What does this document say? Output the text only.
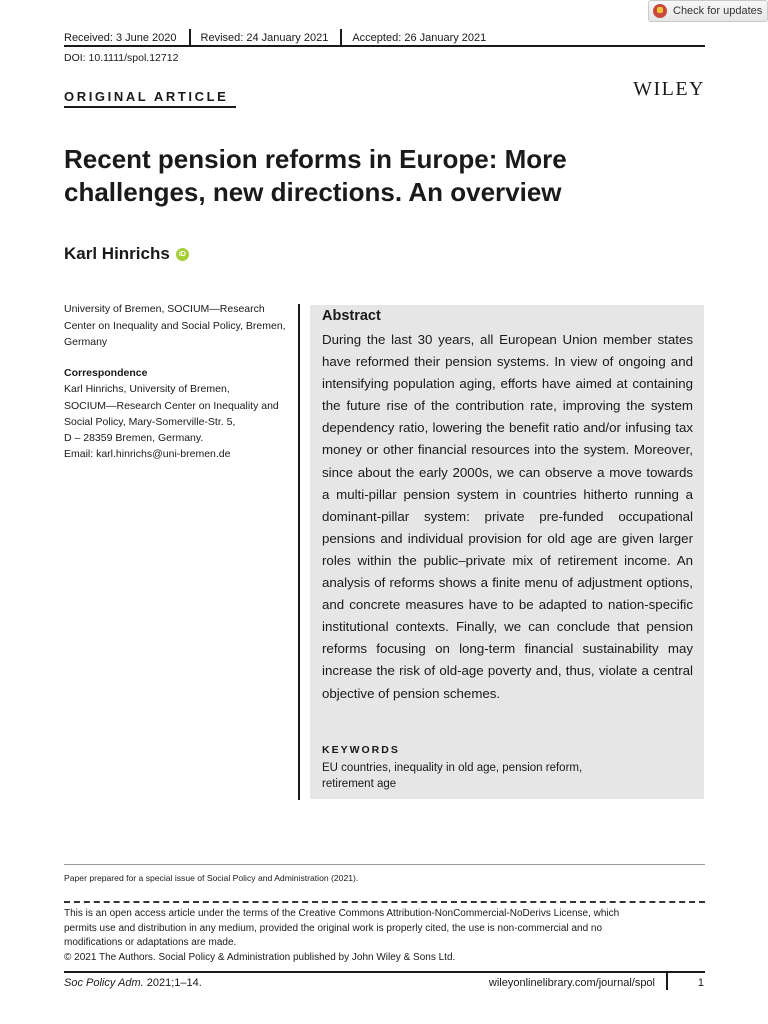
Check for updates
Received: 3 June 2020	Revised: 24 January 2021	Accepted: 26 January 2021
DOI: 10.1111/spol.12712
ORIGINAL ARTICLE	WILEY
Recent pension reforms in Europe: More challenges, new directions. An overview
Karl Hinrichs	iD
University of Bremen, SOCIUM—Research Center on Inequality and Social Policy, Bremen, Germany
Correspondence
Karl Hinrichs, University of Bremen,
SOCIUM—Research Center on Inequality and
Social Policy, Mary-Somerville-Str. 5,
D – 28359 Bremen, Germany.
Email: karl.hinrichs@uni-bremen.de
Abstract

During the last 30 years, all European Union member states have reformed their pension systems. In view of ongoing and intensifying population aging, efforts have aimed at containing the future rise of the contribution rate, improving the system dependency ratio, lowering the benefit ratio and/or infusing tax money or other financial resources into the system. Moreover, since about the early 2000s, we can observe a move towards a multi-pillar pension system in countries hitherto running a dominant-pillar system: private pre-funded occupational pensions and individual provision for old age are given larger roles within the public–private mix of retirement income. An analysis of reforms shows a finite menu of adjustment options, and concrete measures have to be adapted to nation-specific institutional contexts. Finally, we can conclude that pension reforms focusing on long-term financial sustainability may increase the risk of old-age poverty and, thus, violate a central objective of pension schemes.

KEYWORDS
EU countries, inequality in old age, pension reform,
retirement age
Paper prepared for a special issue of Social Policy and Administration (2021).
This is an open access article under the terms of the Creative Commons Attribution-NonCommercial-NoDerivs License, which
permits use and distribution in any medium, provided the original work is properly cited, the use is non-commercial and no
modifications or adaptations are made.
© 2021 The Authors. Social Policy & Administration published by John Wiley & Sons Ltd.
Soc Policy Adm. 2021;1–14.	wileyonlinelibrary.com/journal/spol	1
